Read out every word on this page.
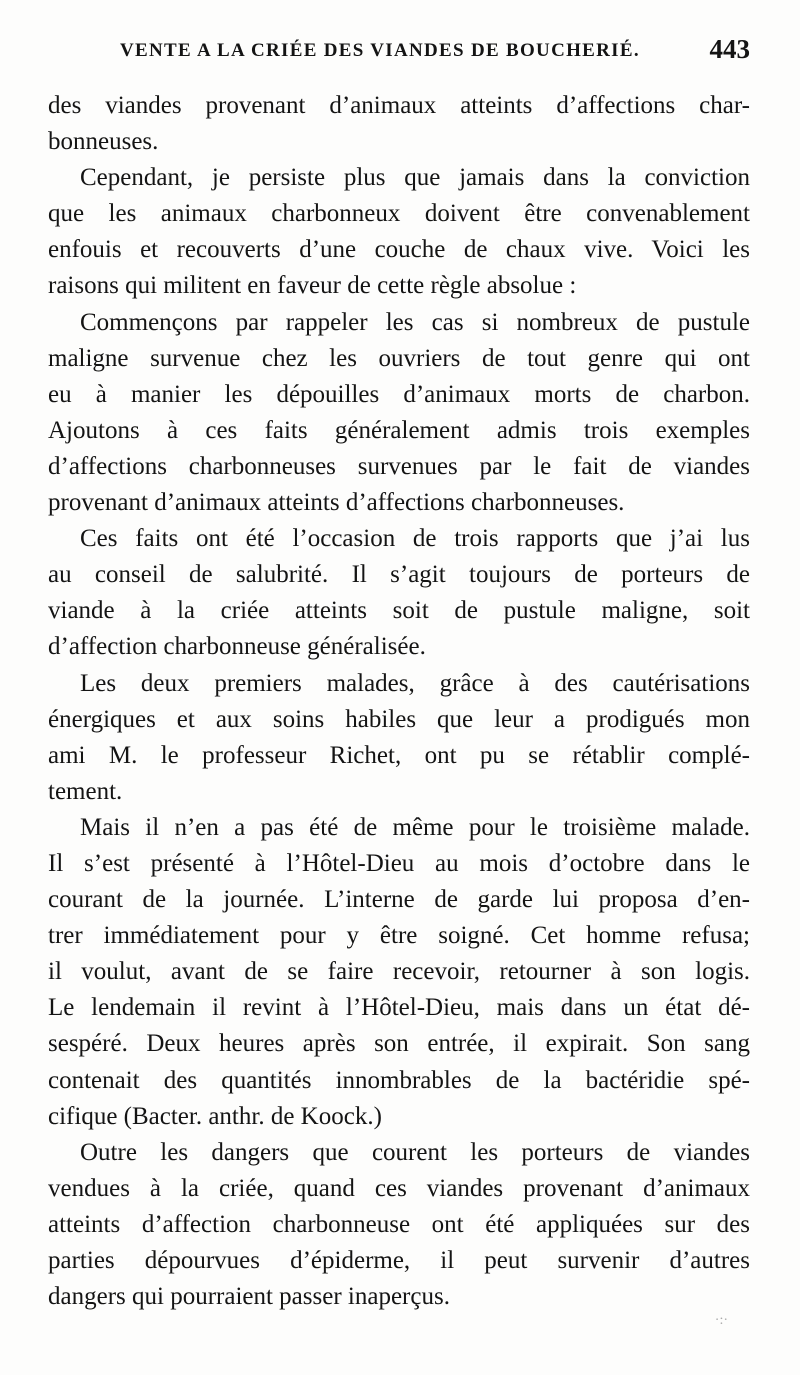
VENTE A LA CRIÉE DES VIANDES DE BOUCHERIÉ.	443
des viandes provenant d’animaux atteints d’affections char-
bonneuses.
Cependant, je persiste plus que jamais dans la conviction
que les animaux charbonneux doivent être convenablement
enfouis et recouverts d’une couche de chaux vive. Voici les
raisons qui militent en faveur de cette règle absolue :
Commençons par rappeler les cas si nombreux de pustule
maligne survenue chez les ouvriers de tout genre qui ont
eu à manier les dépouilles d’animaux morts de charbon.
Ajoutons à ces faits généralement admis trois exemples
d’affections charbonneuses survenues par le fait de viandes
provenant d’animaux atteints d’affections charbonneuses.
Ces faits ont été l’occasion de trois rapports que j’ai lus
au conseil de salubrité. Il s’agit toujours de porteurs de
viande à la criée atteints soit de pustule maligne, soit
d’affection charbonneuse généralisée.
Les deux premiers malades, grâce à des cautérisations
énergiques et aux soins habiles que leur a prodigués mon
ami M. le professeur Richet, ont pu se rétablir complé-
tement.
Mais il n’en a pas été de même pour le troisième malade.
Il s’est présenté à l’Hôtel-Dieu au mois d’octobre dans le
courant de la journée. L’interne de garde lui proposa d’en-
trer immédiatement pour y être soigné. Cet homme refusa;
il voulut, avant de se faire recevoir, retourner à son logis.
Le lendemain il revint à l’Hôtel-Dieu, mais dans un état dé-
sespéré. Deux heures après son entrée, il expirait. Son sang
contenait des quantités innombrables de la bactéridie spé-
cifique (Bacter. anthr. de Koock.)
Outre les dangers que courent les porteurs de viandes
vendues à la criée, quand ces viandes provenant d’animaux
atteints d’affection charbonneuse ont été appliquées sur des
parties dépourvues d’épiderme, il peut survenir d’autres
dangers qui pourraient passer inaperçus.
·:·
